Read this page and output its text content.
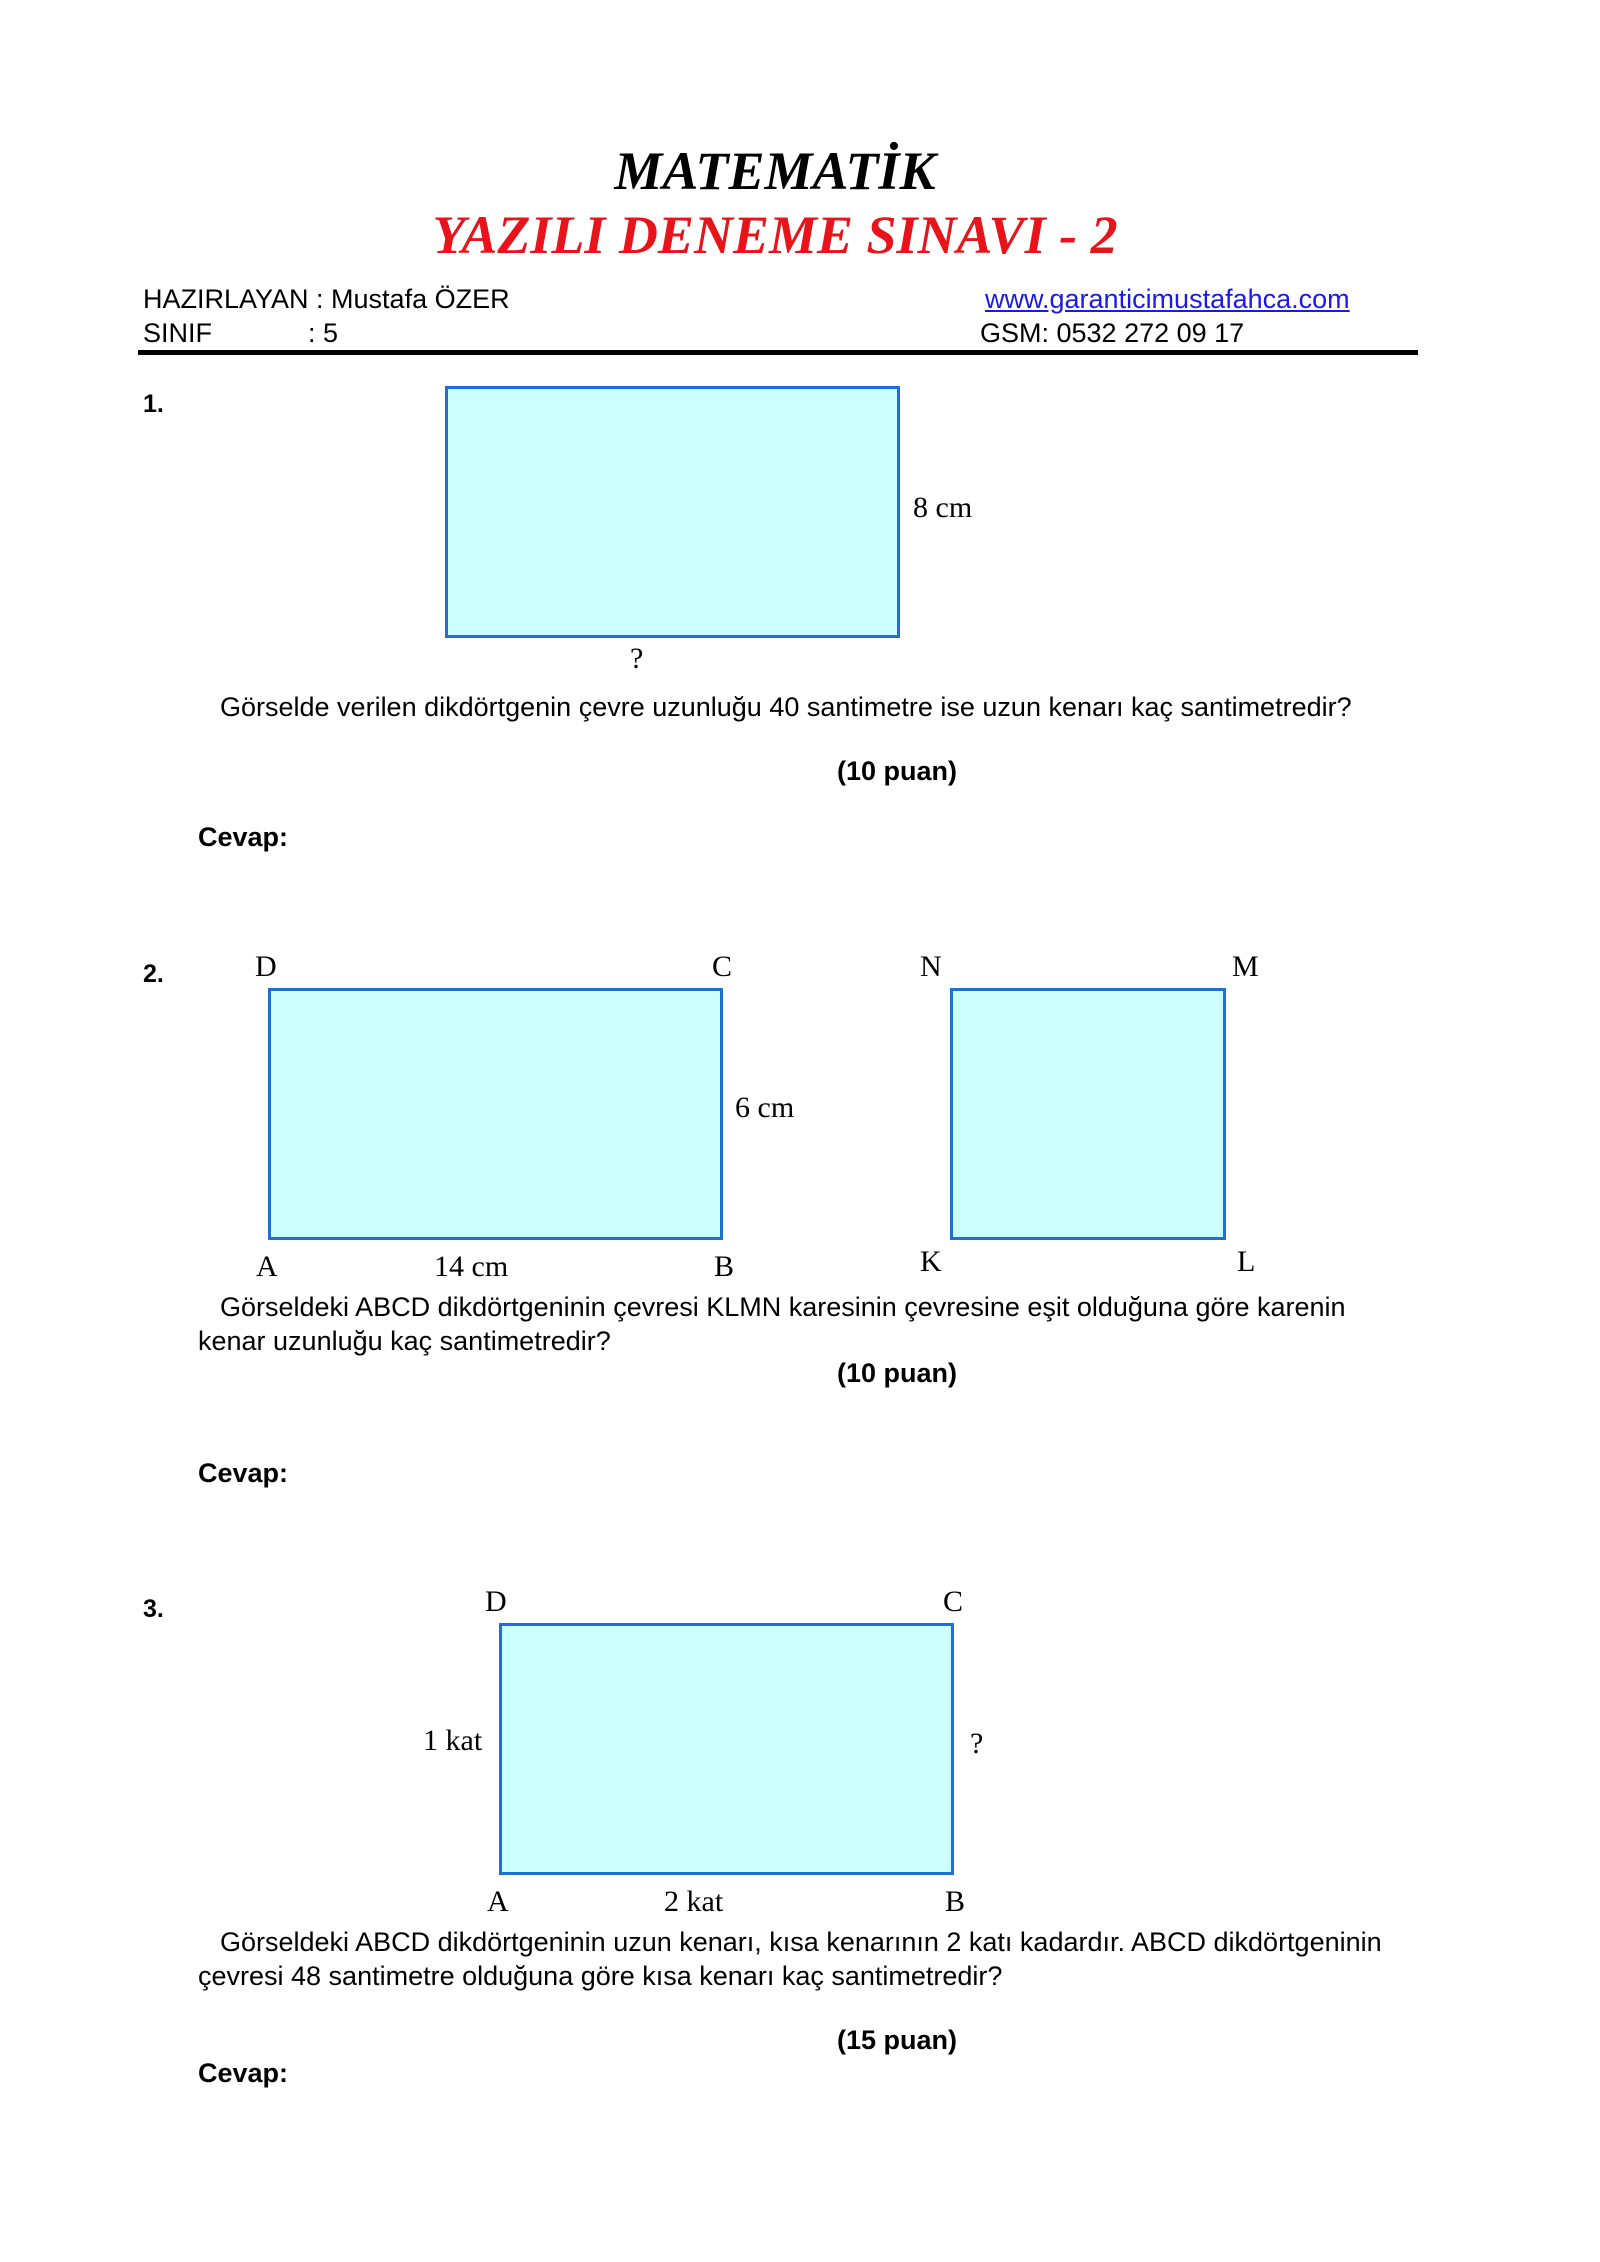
MATEMATİK
YAZILI DENEME SINAVI - 2
HAZIRLAYAN : Mustafa ÖZER	www.garanticimustafahca.com
SINIF	: 5	GSM: 0532 272 09 17
1.
8 cm
?
Görselde verilen dikdörtgenin çevre uzunluğu 40 santimetre ise uzun kenarı kaç santimetredir?
(10 puan)
Cevap:
2.	D	C
6 cm
A	14 cm	B
N	M
K	L
Görseldeki ABCD dikdörtgeninin çevresi KLMN karesinin çevresine eşit olduğuna göre karenin
kenar uzunluğu kaç santimetredir?
(10 puan)
Cevap:
3.	D	C
1 kat	?
A	2 kat	B
Görseldeki ABCD dikdörtgeninin uzun kenarı, kısa kenarının 2 katı kadardır. ABCD dikdörtgeninin
çevresi 48 santimetre olduğuna göre kısa kenarı kaç santimetredir?
(15 puan)
Cevap:
